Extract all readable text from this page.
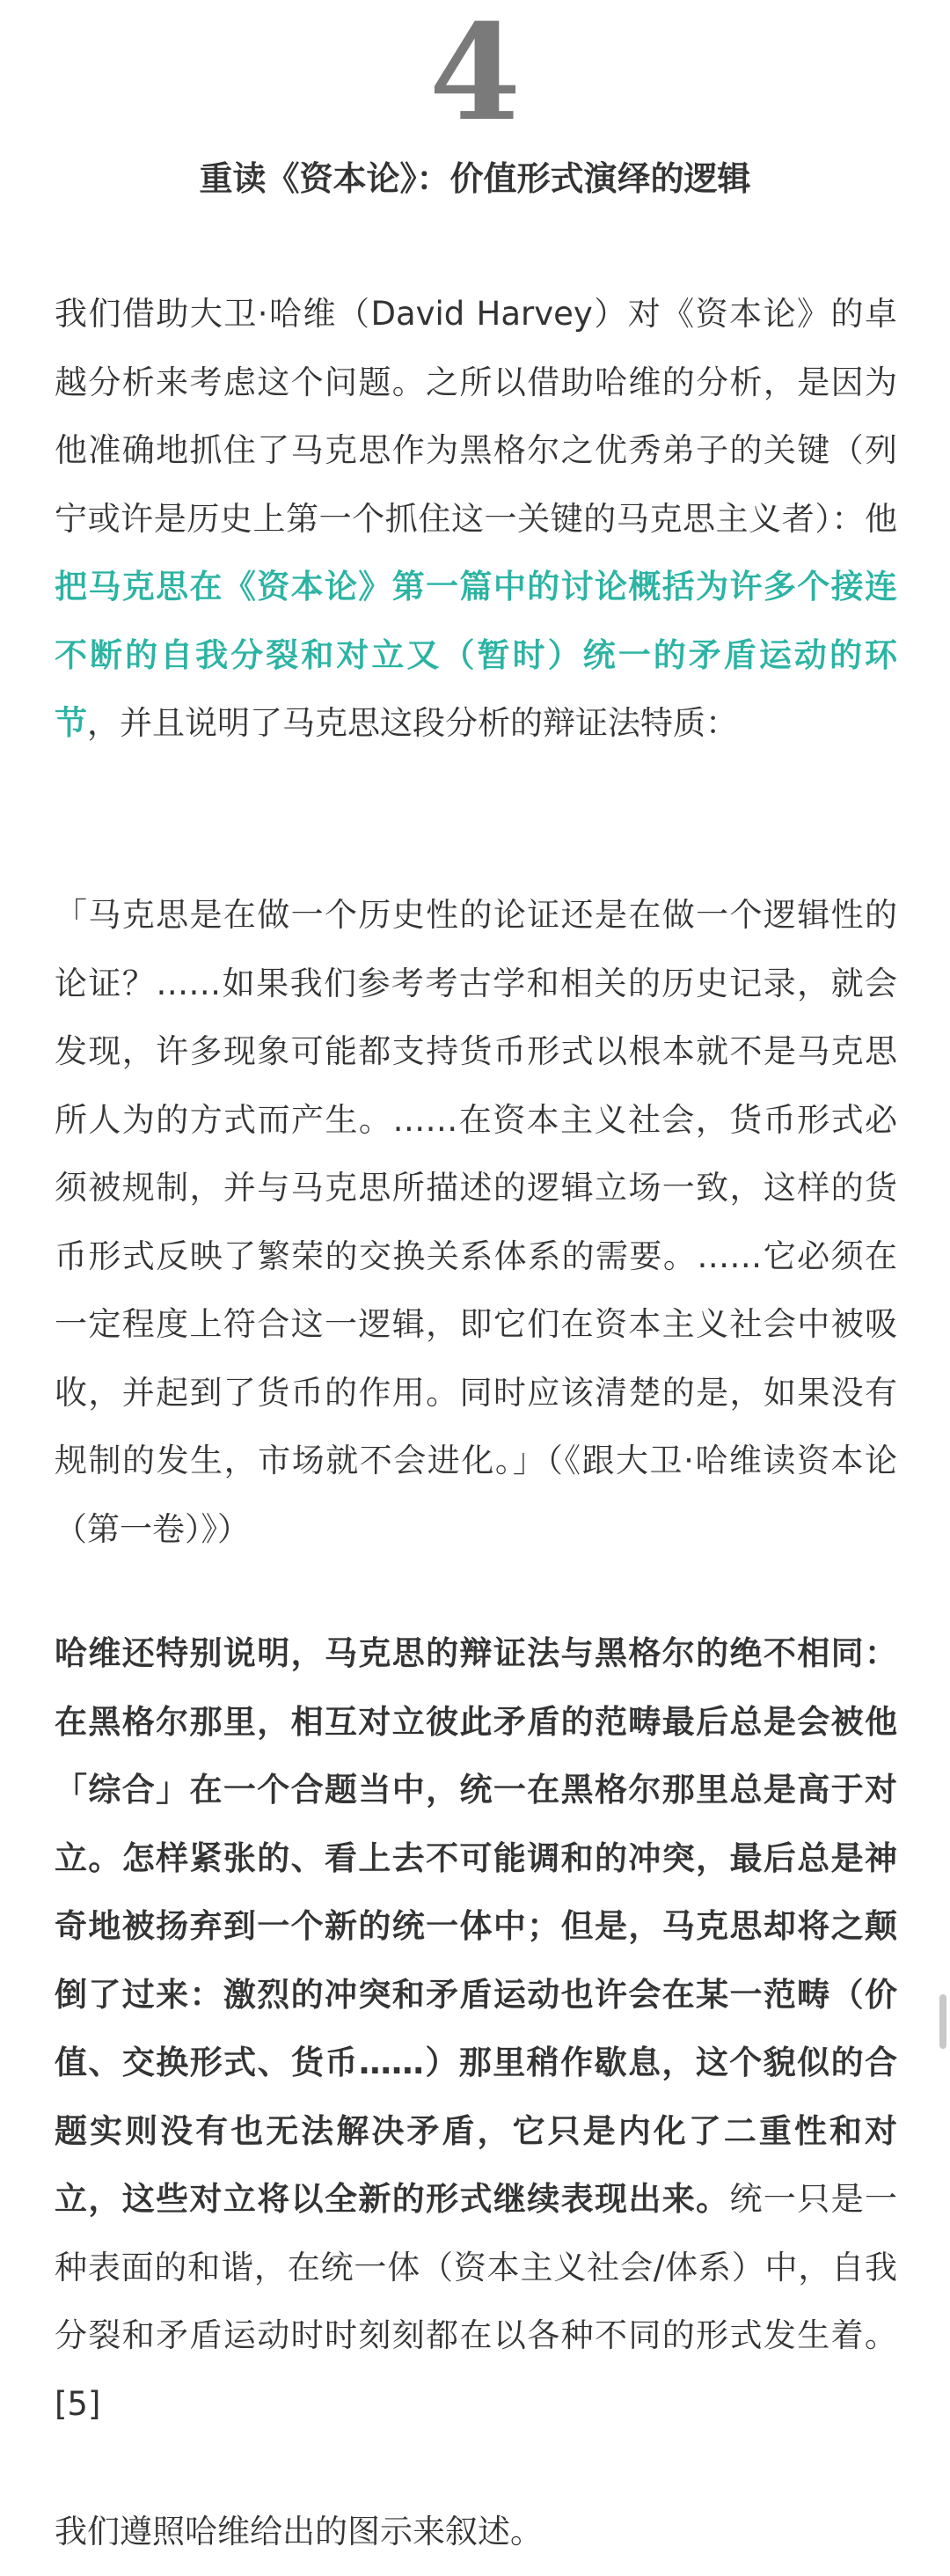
4
重读《资本论》：价值形式演绎的逻辑

我们借助大卫·哈维（David Harvey）对《资本论》的卓越分析来考虑这个问题。之所以借助哈维的分析，是因为他准确地抓住了马克思作为黑格尔之优秀弟子的关键（列宁或许是历史上第一个抓住这一关键的马克思主义者）：他把马克思在《资本论》第一篇中的讨论概括为许多个接连不断的自我分裂和对立又（暂时）统一的矛盾运动的环节，并且说明了马克思这段分析的辩证法特质：

「马克思是在做一个历史性的论证还是在做一个逻辑性的论证？……如果我们参考考古学和相关的历史记录，就会发现，许多现象可能都支持货币形式以根本就不是马克思所人为的方式而产生。……在资本主义社会，货币形式必须被规制，并与马克思所描述的逻辑立场一致，这样的货币形式反映了繁荣的交换关系体系的需要。……它必须在一定程度上符合这一逻辑，即它们在资本主义社会中被吸收，并起到了货币的作用。同时应该清楚的是，如果没有规制的发生，市场就不会进化。」（《跟大卫·哈维读资本论（第一卷）》）

哈维还特别说明，马克思的辩证法与黑格尔的绝不相同：在黑格尔那里，相互对立彼此矛盾的范畴最后总是会被他「综合」在一个合题当中，统一在黑格尔那里总是高于对立。怎样紧张的、看上去不可能调和的冲突，最后总是神奇地被扬弃到一个新的统一体中；但是，马克思却将之颠倒了过来：激烈的冲突和矛盾运动也许会在某一范畴（价值、交换形式、货币……）那里稍作歇息，这个貌似的合题实则没有也无法解决矛盾，它只是内化了二重性和对立，这些对立将以全新的形式继续表现出来。统一只是一种表面的和谐，在统一体（资本主义社会/体系）中，自我分裂和矛盾运动时时刻刻都在以各种不同的形式发生着。[5]

我们遵照哈维给出的图示来叙述。
